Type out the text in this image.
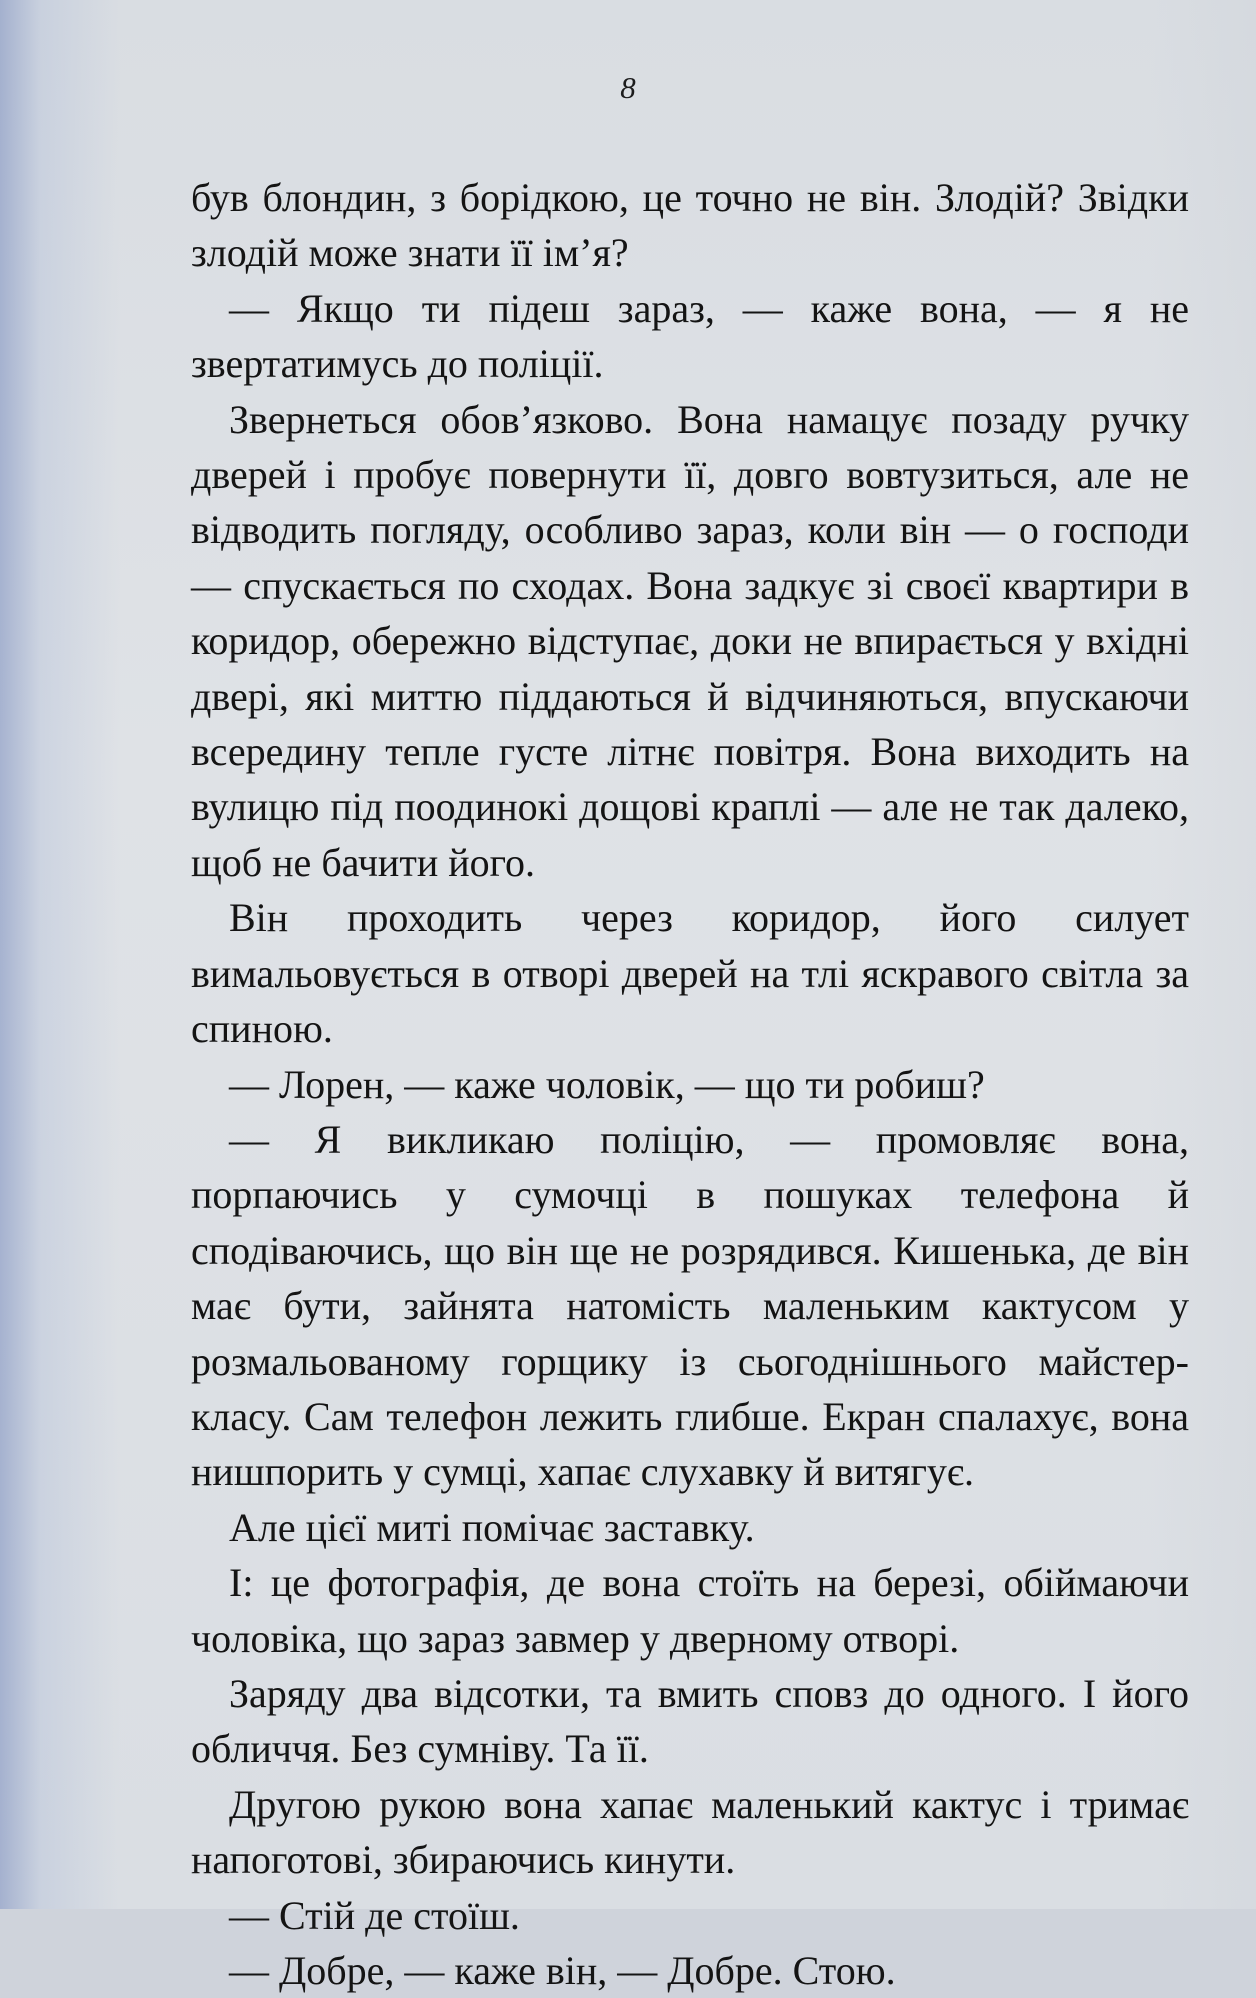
8

був блондин, з борідкою, це точно не він. Злодій? Звідки злодій може знати її ім’я?

— Якщо ти підеш зараз, — каже вона, — я не звертатимусь до поліції.

Звернеться обов’язково. Вона намацує позаду ручку дверей і пробує повернути її, довго вовтузиться, але не відводить погляду, особливо зараз, коли він — о господи — спускається по сходах. Вона задкує зі своєї квартири в коридор, обережно відступає, доки не впирається у вхідні двері, які миттю піддаються й відчиняються, впускаючи всередину тепле густе літнє повітря. Вона виходить на вулицю під поодинокі дощові краплі — але не так далеко, щоб не бачити його.

Він проходить через коридор, його силует вимальовується в отворі дверей на тлі яскравого світла за спиною.

— Лорен, — каже чоловік, — що ти робиш?

— Я викликаю поліцію, — промовляє вона, порпаючись у сумочці в пошуках телефона й сподіваючись, що він ще не розрядився. Кишенька, де він має бути, зайнята натомість маленьким кактусом у розмальованому горщику із сьогоднішнього майстер-класу. Сам телефон лежить глибше. Екран спалахує, вона нишпорить у сумці, хапає слухавку й витягує.

Але цієї миті помічає заставку.

І: це фотографія, де вона стоїть на березі, обіймаючи чоловіка, що зараз завмер у дверному отворі.

Заряду два відсотки, та вмить сповз до одного. І його обличчя. Без сумніву. Та її.

Другою рукою вона хапає маленький кактус і тримає напоготові, збираючись кинути.

— Стій де стоїш.

— Добре, — каже він, — Добре. Стою.
